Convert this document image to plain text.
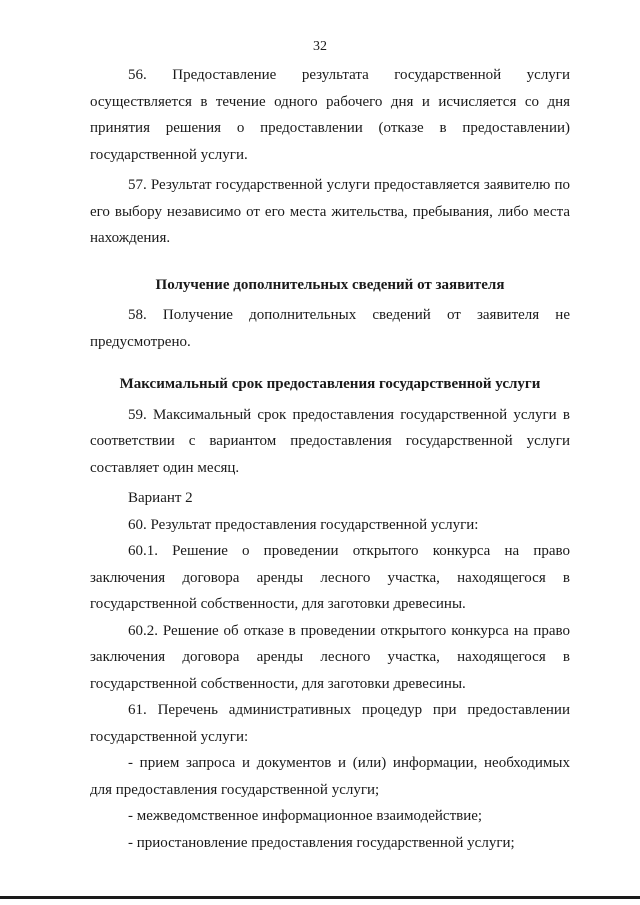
32

56. Предоставление результата государственной услуги осуществляется в течение одного рабочего дня и исчисляется со дня принятия решения о предоставлении (отказе в предоставлении) государственной услуги.

57. Результат государственной услуги предоставляется заявителю по его выбору независимо от его места жительства, пребывания, либо места нахождения.

Получение дополнительных сведений от заявителя

58. Получение дополнительных сведений от заявителя не предусмотрено.

Максимальный срок предоставления государственной услуги

59. Максимальный срок предоставления государственной услуги в соответствии с вариантом предоставления государственной услуги составляет один месяц.

Вариант 2

60. Результат предоставления государственной услуги:

60.1. Решение о проведении открытого конкурса на право заключения договора аренды лесного участка, находящегося в государственной собственности, для заготовки древесины.

60.2. Решение об отказе в проведении открытого конкурса на право заключения договора аренды лесного участка, находящегося в государственной собственности, для заготовки древесины.

61. Перечень административных процедур при предоставлении государственной услуги:

- прием запроса и документов и (или) информации, необходимых для предоставления государственной услуги;

- межведомственное информационное взаимодействие;

- приостановление предоставления государственной услуги;
